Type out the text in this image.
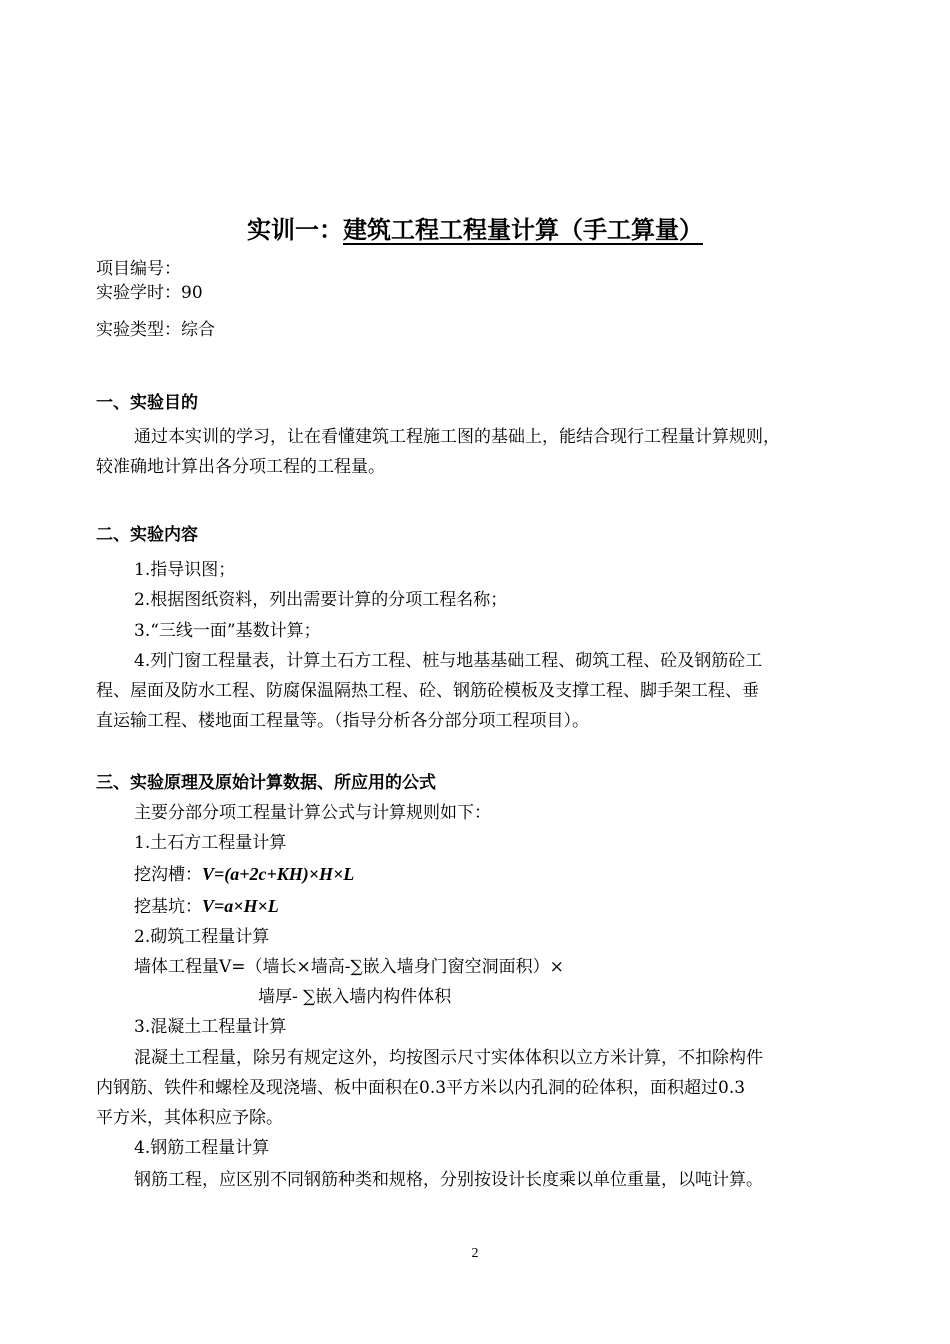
实训一：建筑工程工程量计算（手工算量）
项目编号：
实验学时：90
实验类型：综合
一、实验目的
通过本实训的学习，让在看懂建筑工程施工图的基础上，能结合现行工程量计算规则，
较准确地计算出各分项工程的工程量。
二、实验内容
1.指导识图；
2.根据图纸资料，列出需要计算的分项工程名称；
3.“三线一面”基数计算；
4.列门窗工程量表，计算土石方工程、桩与地基基础工程、砌筑工程、砼及钢筋砼工
程、屋面及防水工程、防腐保温隔热工程、砼、钢筋砼模板及支撑工程、脚手架工程、垂
直运输工程、楼地面工程量等。（指导分析各分部分项工程项目）。
三、实验原理及原始计算数据、所应用的公式
主要分部分项工程量计算公式与计算规则如下：
1.土石方工程量计算
挖沟槽：V=(a+2c+KH)×H×L
挖基坑：V=a×H×L
2.砌筑工程量计算
墙体工程量V=（墙长×墙高-∑嵌入墙身门窗空洞面积）×
墙厚- ∑嵌入墙内构件体积
3.混凝土工程量计算
混凝土工程量，除另有规定这外，均按图示尺寸实体体积以立方米计算，不扣除构件
内钢筋、铁件和螺栓及现浇墙、板中面积在0.3平方米以内孔洞的砼体积，面积超过0.3
平方米，其体积应予除。
4.钢筋工程量计算
钢筋工程，应区别不同钢筋种类和规格，分别按设计长度乘以单位重量，以吨计算。
2
